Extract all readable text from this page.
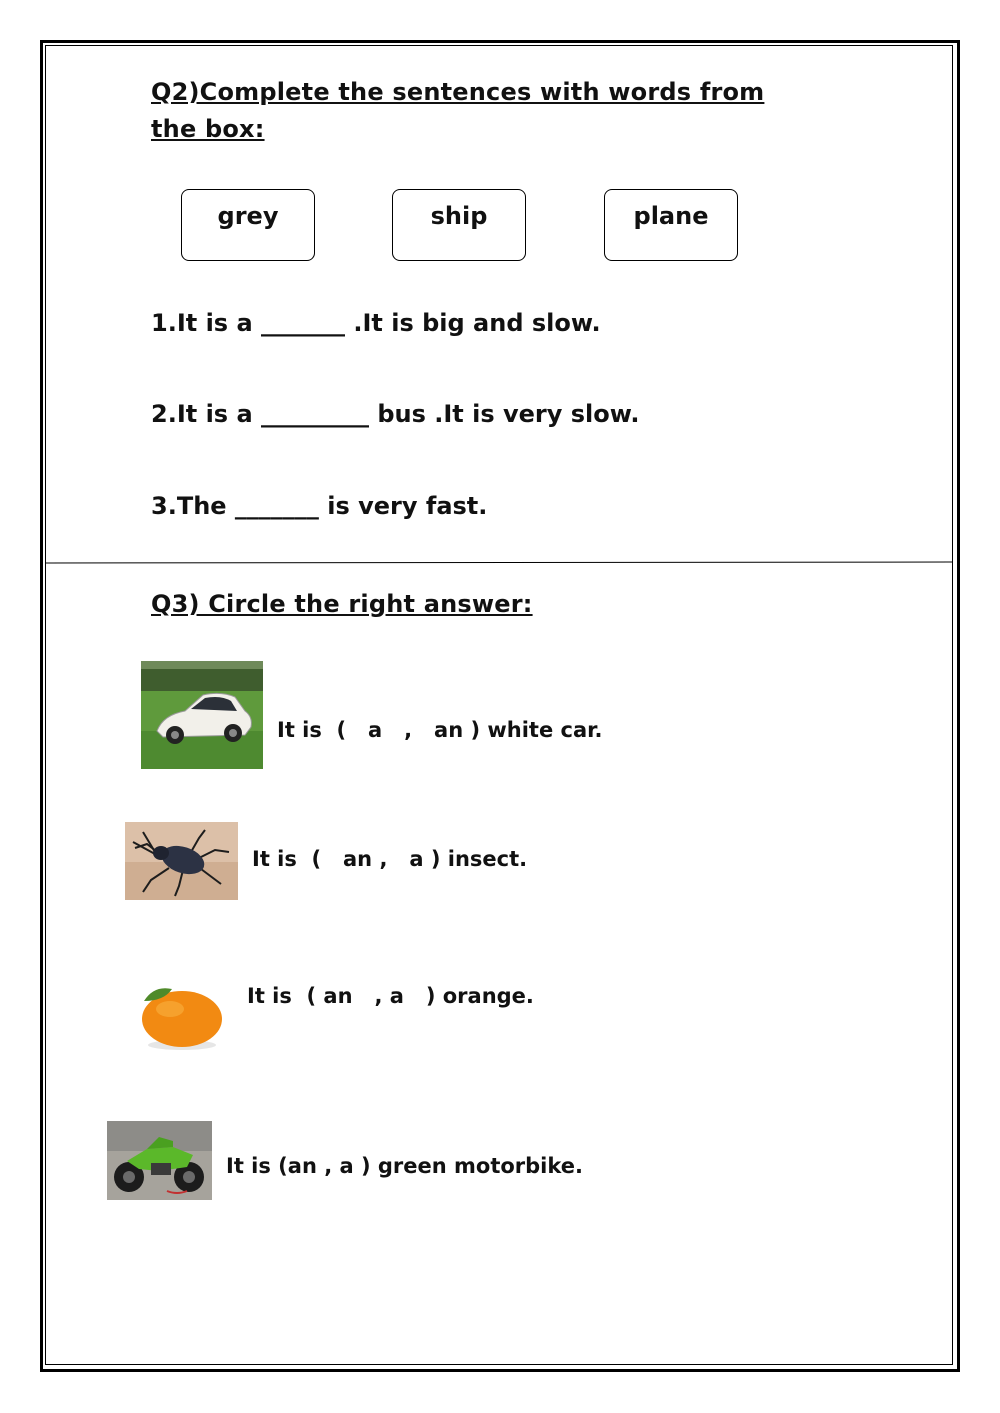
Q2)Complete the sentences with words from the box:
grey	ship	plane
1.It is a _______ .It is big and slow.
2.It is a _________ bus .It is very slow.
3.The _______ is very fast.
Q3) Circle the right answer:
It is  (   a   ,   an ) white car.
It is  (   an ,   a ) insect.
It is  ( an   , a   ) orange.
It is (an , a ) green motorbike.
